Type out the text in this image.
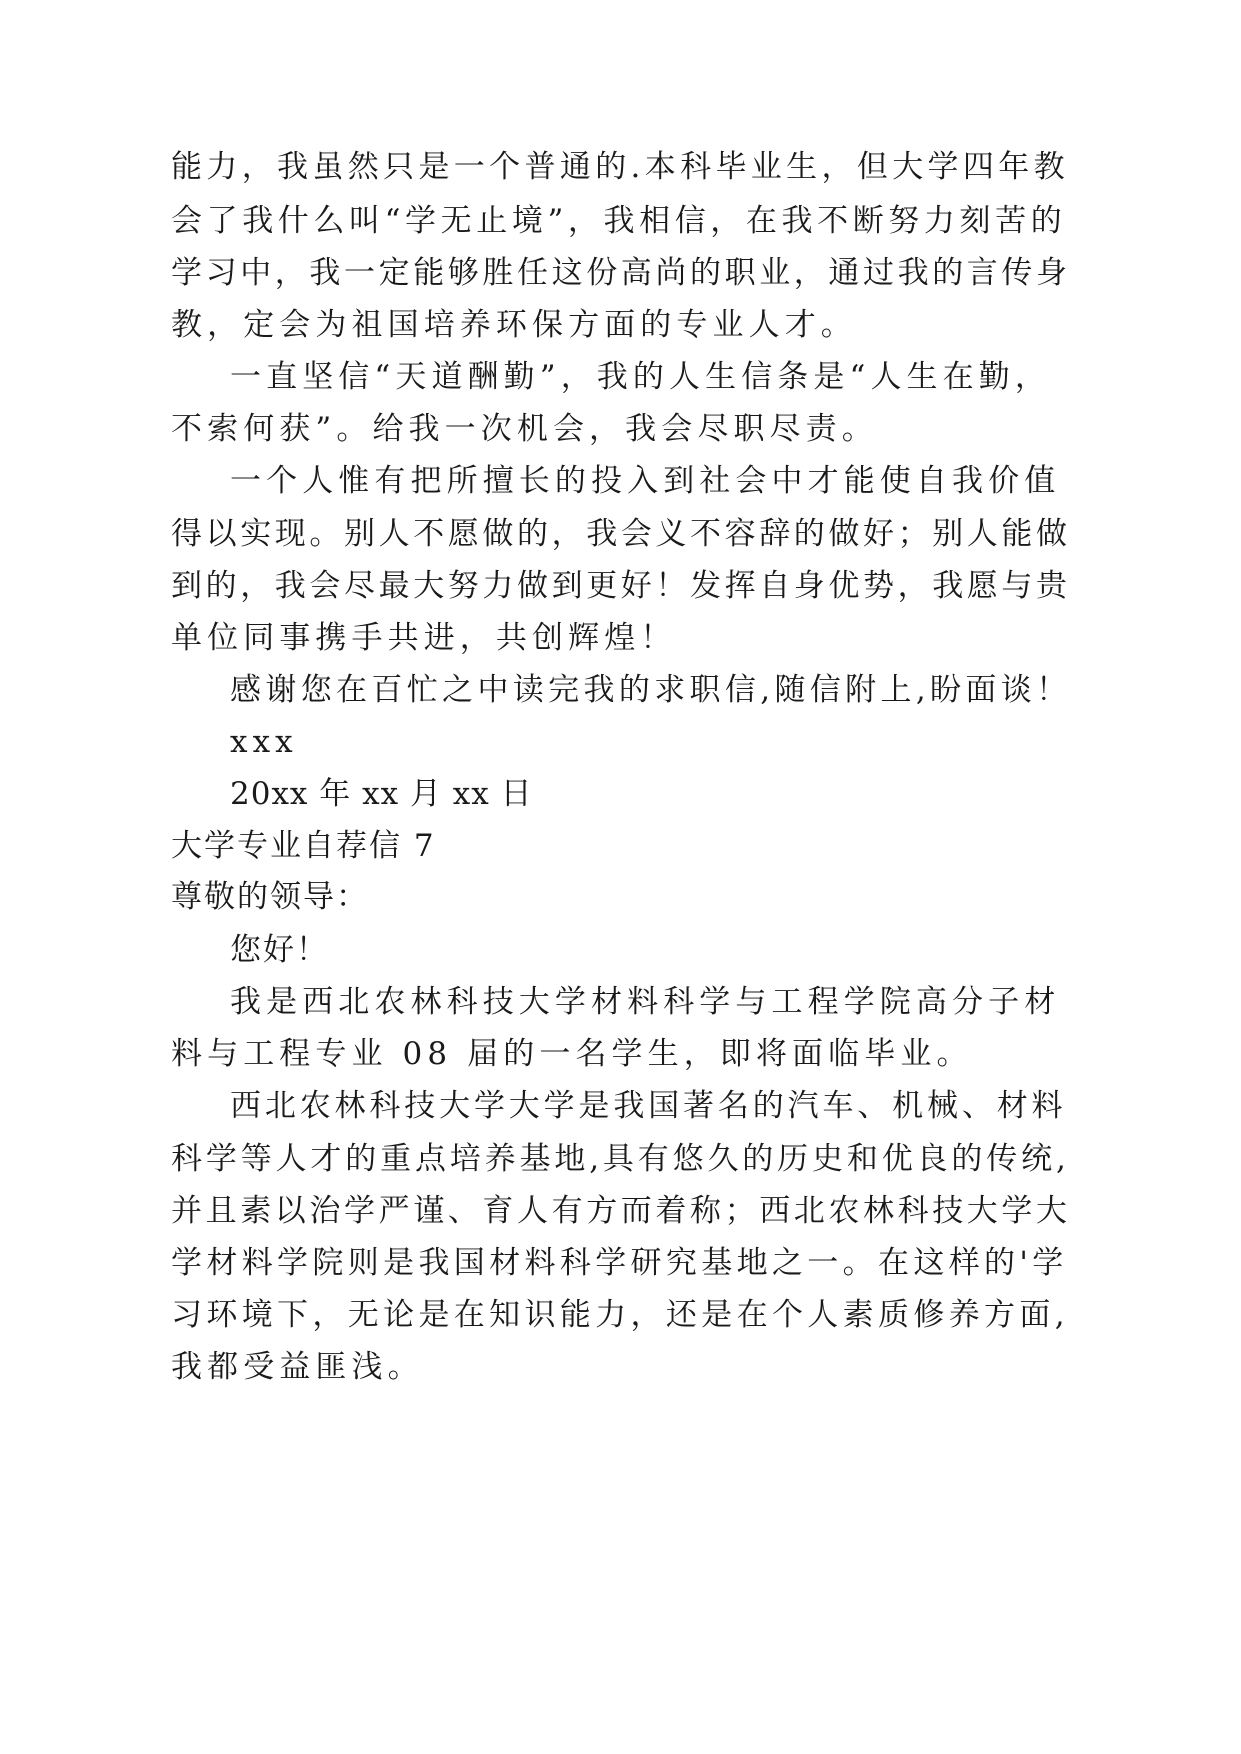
能力，我虽然只是一个普通的.本科毕业生，但大学四年教
会了我什么叫“学无止境”，我相信，在我不断努力刻苦的
学习中，我一定能够胜任这份高尚的职业，通过我的言传身
教，定会为祖国培养环保方面的专业人才。
一直坚信“天道酬勤”，我的人生信条是“人生在勤，
不索何获”。给我一次机会，我会尽职尽责。
一个人惟有把所擅长的投入到社会中才能使自我价值
得以实现。别人不愿做的，我会义不容辞的做好；别人能做
到的，我会尽最大努力做到更好！发挥自身优势，我愿与贵
单位同事携手共进，共创辉煌！
感谢您在百忙之中读完我的求职信,随信附上,盼面谈！
xxx
20xx 年 xx 月 xx 日
大学专业自荐信 7
尊敬的领导：
您好！
我是西北农林科技大学材料科学与工程学院高分子材
料与工程专业 08 届的一名学生，即将面临毕业。
西北农林科技大学大学是我国著名的汽车、机械、材料
科学等人才的重点培养基地,具有悠久的历史和优良的传统,
并且素以治学严谨、育人有方而着称；西北农林科技大学大
学材料学院则是我国材料科学研究基地之一。在这样的'学
习环境下，无论是在知识能力，还是在个人素质修养方面,
我都受益匪浅。
